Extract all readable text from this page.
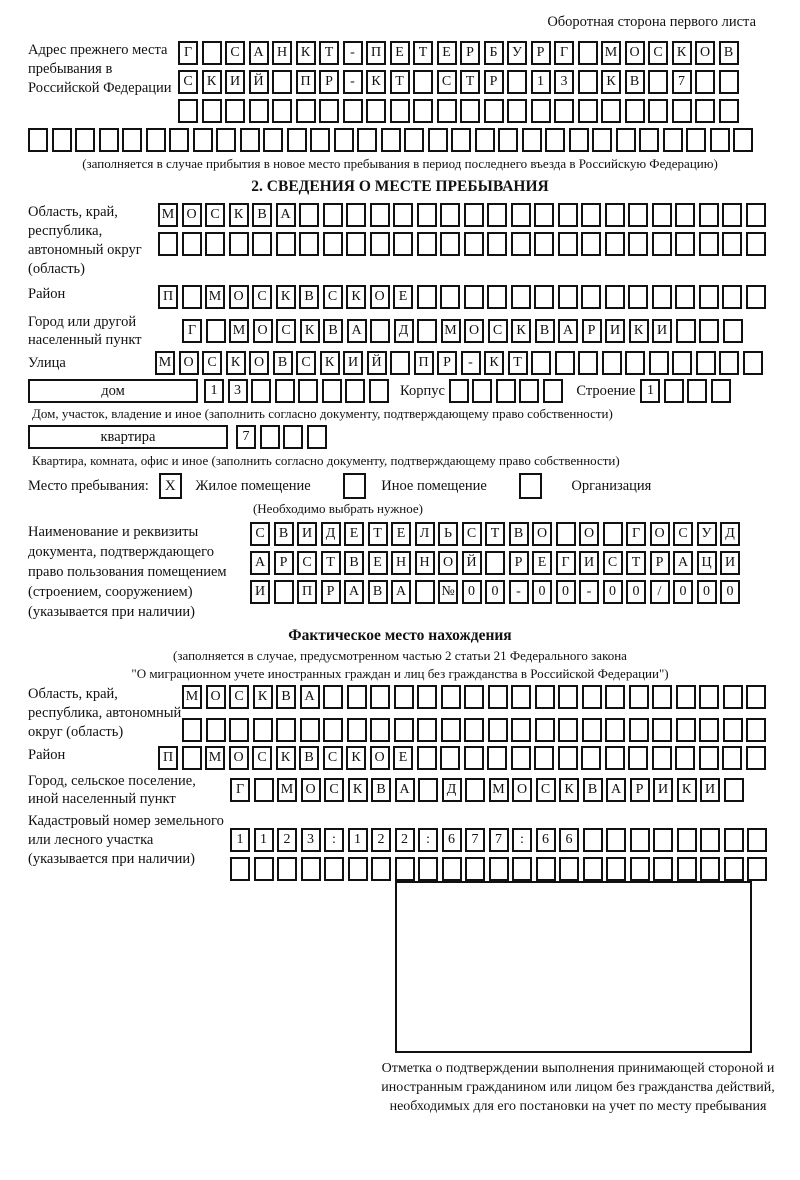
Оборотная сторона первого листа
Адрес прежнего места пребывания в Российской Федерации
Г	С А Н К	Т	-	П	Е	Т	Е	Р	Б	У	Р	Г	М О С	К О В
С	К И Й	П	Р	-	К	Т	С	Т	Р	1	3	К	В	7
(заполняется в случае прибытия в новое место пребывания в период последнего въезда в Российскую Федерацию)
2. СВЕДЕНИЯ О МЕСТЕ ПРЕБЫВАНИЯ
Область, край, республика, автономный округ (область)
М О С	К	В А
Район	П	М О С	К	В	С	К О	Е
Город или другой населенный пункт
Г	М О С	К	В А	Д	М О С	К	В А	Р	И К И
Улица	М О С	К О В	С	К И Й	П	Р	-	К	Т
дом	1	3	Корпус	Строение 1
Дом, участок, владение и иное (заполнить согласно документу, подтверждающему право собственности)
квартира	7
Квартира, комната, офис и иное (заполнить согласно документу, подтверждающему право собственности)
Место пребывания:	X	Жилое помещение	Иное помещение	Организация
(Необходимо выбрать нужное)
Наименование и реквизиты документа, подтверждающего право пользования помещением (строением, сооружением) (указывается при наличии)
С	В И Д	Е	Т	Е	Л	Ь	С	Т	В О	О	Г	О С У Д
А	Р	С	Т	В	Е	Н Н О Й	Р	Е	Г	И С	Т	Р	А Ц И
И	П	Р	А В А	№ 0	0	-	0	0	-	0	0	/	0	0	0
Фактическое место нахождения
(заполняется в случае, предусмотренном частью 2 статьи 21 Федерального закона
"О миграционном учете иностранных граждан и лиц без гражданства в Российской Федерации")
Область, край, республика, автономный округ (область)
М О С	К	В А
Район	П	М О С	К	В	С	К О	Е
Город, сельское поселение, иной населенный пункт
Г	М О С	К	В А	Д	М О С	К	В А	Р	И К И
Кадастровый номер земельного или лесного участка (указывается при наличии)
1	1	2	3	:	1	2	2	:	6	7	7	:	6	6
Отметка о подтверждении выполнения принимающей стороной и иностранным гражданином или лицом без гражданства действий, необходимых для его постановки на учет по месту пребывания
